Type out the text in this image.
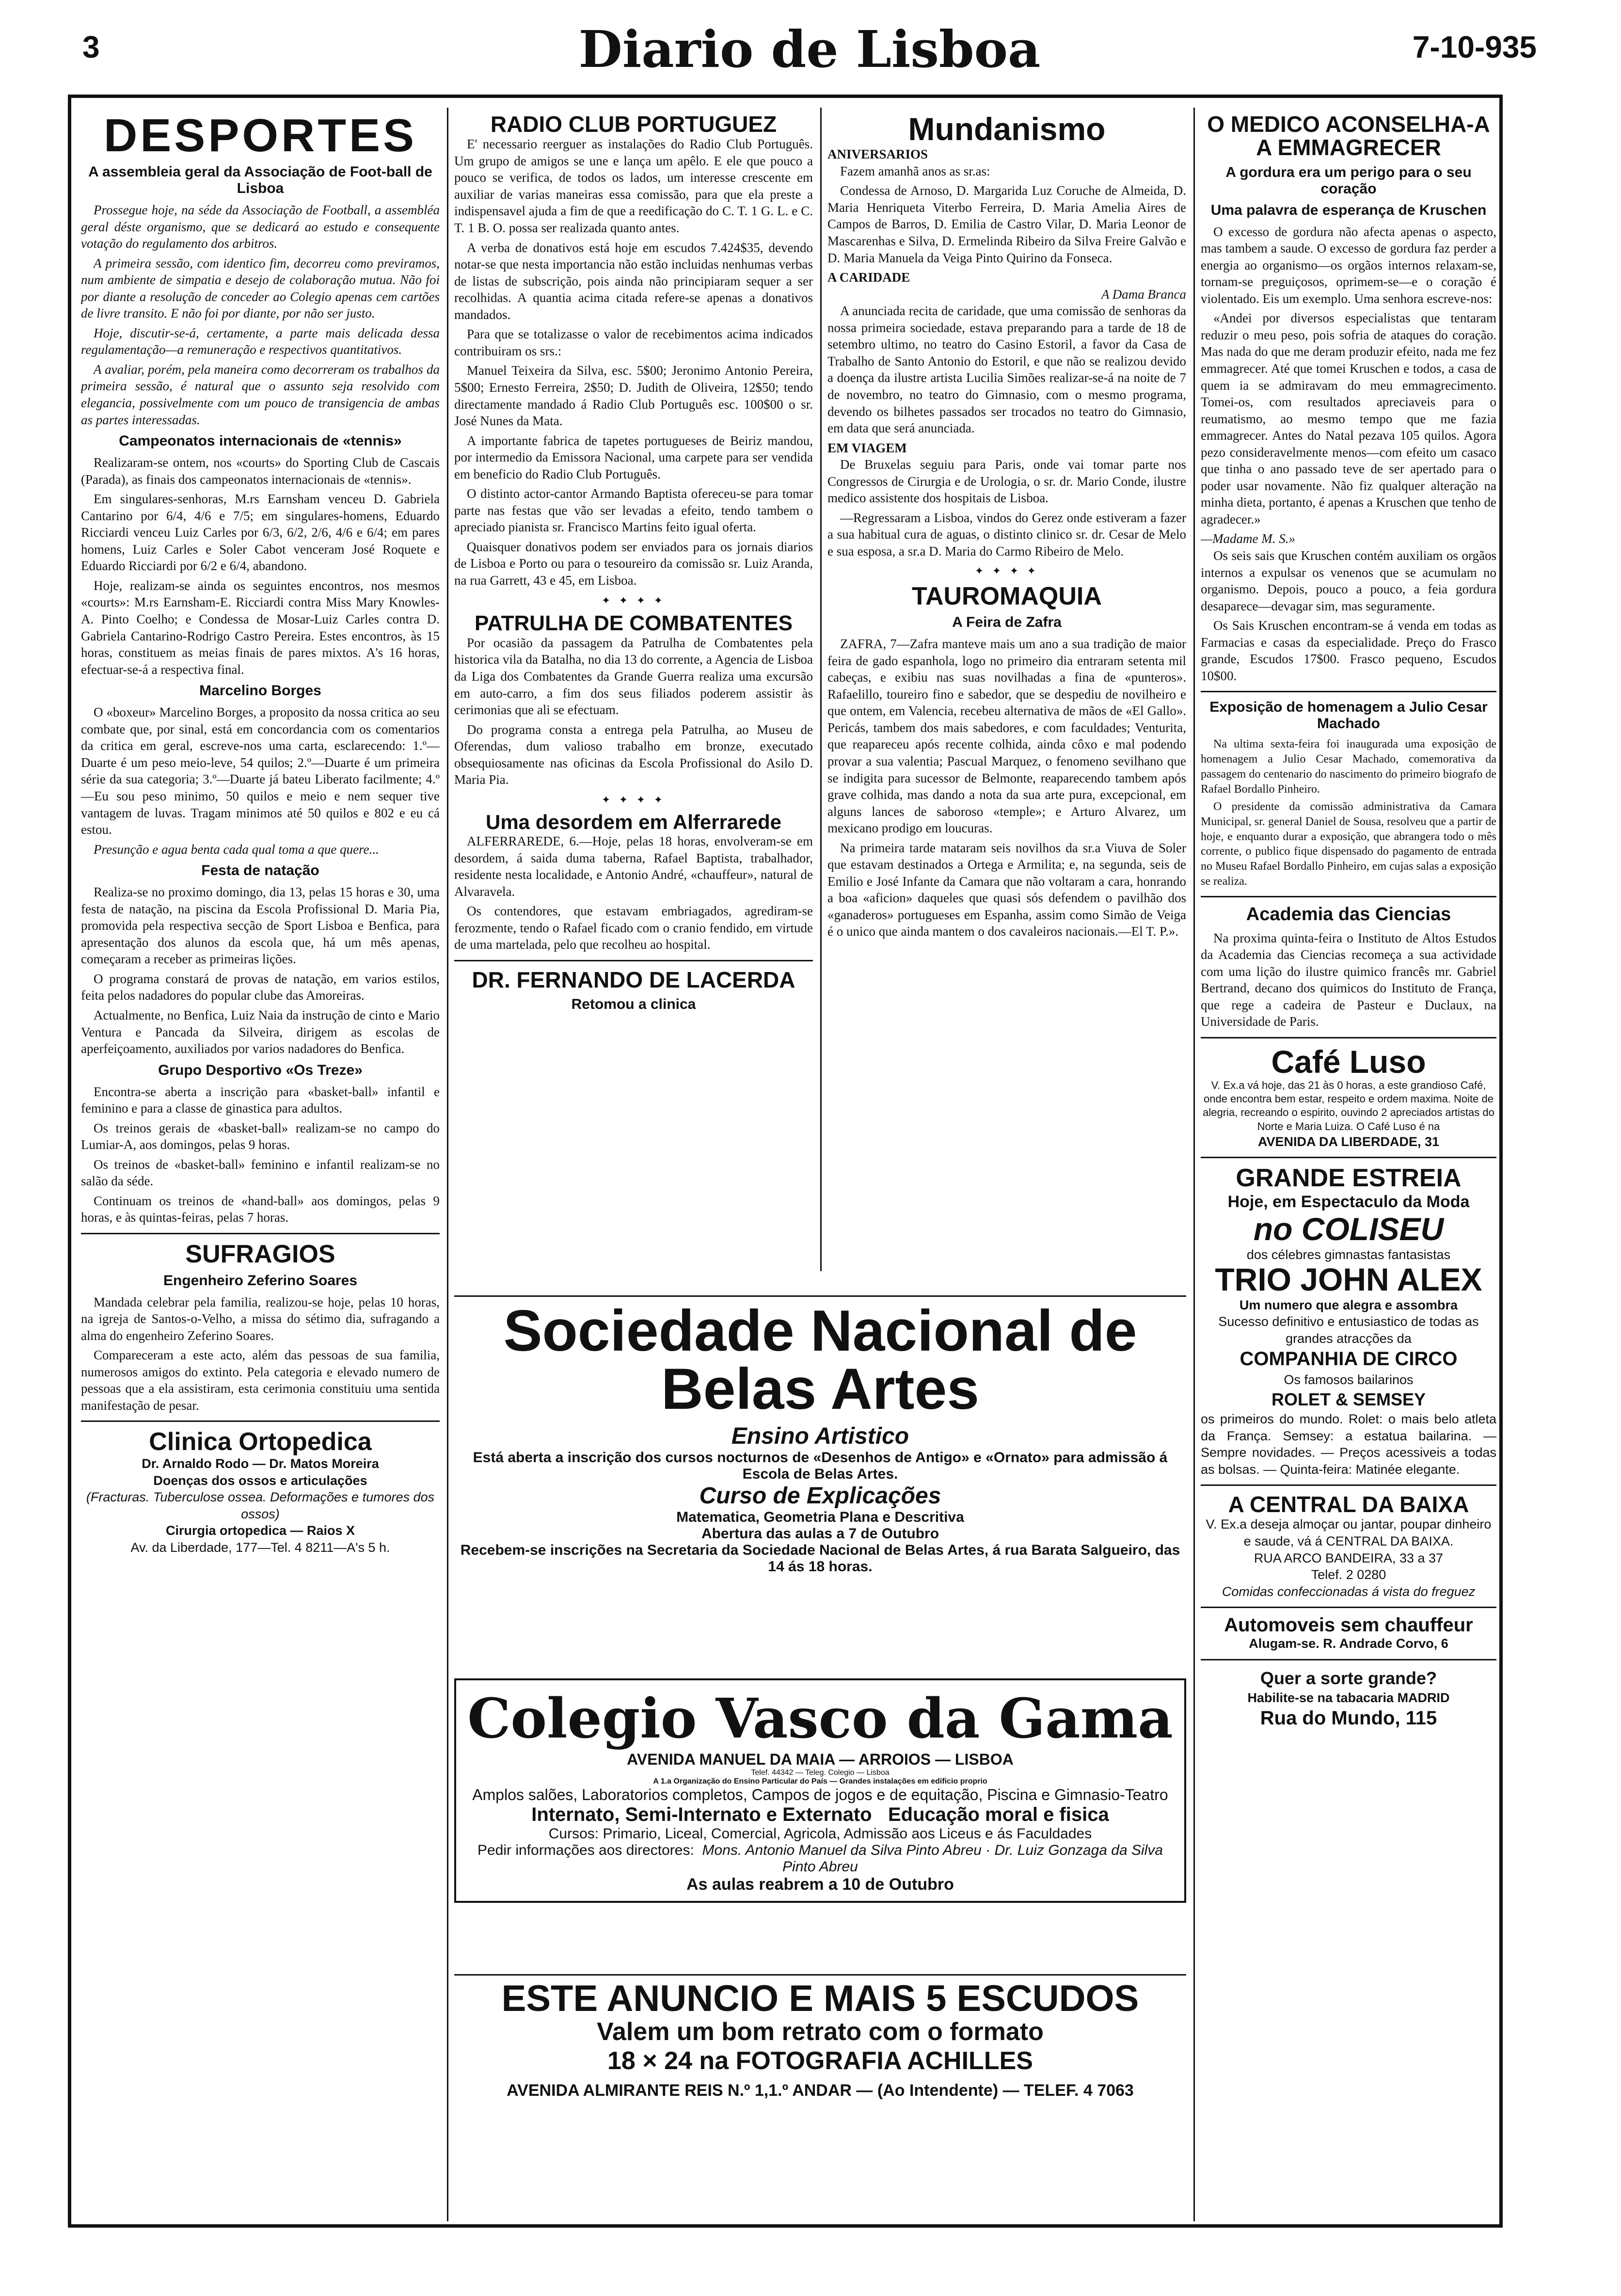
3	Diario de Lisboa	7-10-935
DESPORTES
A assembleia geral da Associação de Foot-ball de Lisboa

Prossegue hoje, na séde da Associação de Football, a assembléa geral déste organismo, que se dedicará ao estudo e consequente votação do regulamento dos arbitros.

A primeira sessão, com identico fim, decorreu como previramos, num ambiente de simpatia e desejo de colaboração mutua. Não foi por diante a resolução de conceder ao Colegio apenas cem cartões de livre transito. E não foi por diante, por não ser justo.

Hoje, discutir-se-á, certamente, a parte mais delicada dessa regulamentação—a remuneração e respectivos quantitativos.

A avaliar, porém, pela maneira como decorreram os trabalhos da primeira sessão, é natural que o assunto seja resolvido com elegancia, possivelmente com um pouco de transigencia de ambas as partes interessadas.

Campeonatos internacionais de «tennis»

Realizaram-se ontem, nos «courts» do Sporting Club de Cascais (Parada), as finais dos campeonatos internacionais de «tennis».

Em singulares-senhoras, M.rs Earnsham venceu D. Gabriela Cantarino por 6/4, 4/6 e 7/5; em singulares-homens, Eduardo Ricciardi venceu Luiz Carles por 6/3, 6/2, 2/6, 4/6 e 6/4; em pares homens, Luiz Carles e Soler Cabot venceram José Roquete e Eduardo Ricciardi por 6/2 e 6/4, abandono.

Hoje, realizam-se ainda os seguintes encontros, nos mesmos «courts»: M.rs Earnsham-E. Ricciardi contra Miss Mary Knowles-A. Pinto Coelho; e Condessa de Mosar-Luiz Carles contra D. Gabriela Cantarino-Rodrigo Castro Pereira. Estes encontros, às 15 horas, constituem as meias finais de pares mixtos. A's 16 horas, efectuar-se-á a respectiva final.

Marcelino Borges

O «boxeur» Marcelino Borges, a proposito da nossa critica ao seu combate que, por sinal, está em concordancia com os comentarios da critica em geral, escreve-nos uma carta, esclarecendo: 1.º—Duarte é um peso meio-leve, 54 quilos; 2.º—Duarte é um primeira série da sua categoria; 3.º—Duarte já bateu Liberato facilmente; 4.º—Eu sou peso minimo, 50 quilos e meio e nem sequer tive vantagem de luvas. Tragam minimos até 50 quilos e 802 e eu cá estou.

Presunção e agua benta cada qual toma a que quere...

Festa de natação

Realiza-se no proximo domingo, dia 13, pelas 15 horas e 30, uma festa de natação, na piscina da Escola Profissional D. Maria Pia, promovida pela respectiva secção de Sport Lisboa e Benfica, para apresentação dos alunos da escola que, há um mês apenas, começaram a receber as primeiras lições.

O programa constará de provas de natação, em varios estilos, feita pelos nadadores do popular clube das Amoreiras.

Actualmente, no Benfica, Luiz Naia da instrução de cinto e Mario Ventura e Pancada da Silveira, dirigem as escolas de aperfeiçoamento, auxiliados por varios nadadores do Benfica.

Grupo Desportivo «Os Treze»

Encontra-se aberta a inscrição para «basket-ball» infantil e feminino e para a classe de ginastica para adultos.

Os treinos gerais de «basket-ball» realizam-se no campo do Lumiar-A, aos domingos, pelas 9 horas.

Os treinos de «basket-ball» feminino e infantil realizam-se no salão da séde.

Continuam os treinos de «hand-ball» aos domingos, pelas 9 horas, e às quintas-feiras, pelas 7 horas.

SUFRAGIOS
Engenheiro Zeferino Soares

Mandada celebrar pela familia, realizou-se hoje, pelas 10 horas, na igreja de Santos-o-Velho, a missa do sétimo dia, sufragando a alma do engenheiro Zeferino Soares.

Compareceram a este acto, além das pessoas de sua familia, numerosos amigos do extinto. Pela categoria e elevado numero de pessoas que a ela assistiram, esta cerimonia constituiu uma sentida manifestação de pesar.

Clinica Ortopedica
Dr. Arnaldo Rodo — Dr. Matos Moreira
Doenças dos ossos e articulações
(Fracturas. Tuberculose ossea. Deformações e tumores dos ossos)
Cirurgia ortopedica — Raios X
Av. da Liberdade, 177—Tel. 4 8211—A's 5 h.
RADIO CLUB PORTUGUEZ

E' necessario reerguer as instalações do Radio Club Português. Um grupo de amigos se une e lança um apêlo. E ele que pouco a pouco se verifica, de todos os lados, um interesse crescente em auxiliar de varias maneiras essa comissão, para que ela preste a indispensavel ajuda a fim de que a reedificação do C. T. 1 G. L. e C. T. 1 B. O. possa ser realizada quanto antes.

A verba de donativos está hoje em escudos 7.424$35, devendo notar-se que nesta importancia não estão incluidas nenhumas verbas de listas de subscrição, pois ainda não principiaram sequer a ser recolhidas. A quantia acima citada refere-se apenas a donativos mandados.

Para que se totalizasse o valor de recebimentos acima indicados contribuiram os srs.:

Manuel Teixeira da Silva, esc. 5$00; Jeronimo Antonio Pereira, 5$00; Ernesto Ferreira, 2$50; D. Judith de Oliveira, 12$50; tendo directamente mandado á Radio Club Português esc. 100$00 o sr. José Nunes da Mata.

A importante fabrica de tapetes portugueses de Beiriz mandou, por intermedio da Emissora Nacional, uma carpete para ser vendida em beneficio do Radio Club Português.

O distinto actor-cantor Armando Baptista ofereceu-se para tomar parte nas festas que vão ser levadas a efeito, tendo tambem o apreciado pianista sr. Francisco Martins feito igual oferta.

Quaisquer donativos podem ser enviados para os jornais diarios de Lisboa e Porto ou para o tesoureiro da comissão sr. Luiz Aranda, na rua Garrett, 43 e 45, em Lisboa.

✦ ✦ ✦ ✦
PATRULHA DE COMBATENTES

Por ocasião da passagem da Patrulha de Combatentes pela historica vila da Batalha, no dia 13 do corrente, a Agencia de Lisboa da Liga dos Combatentes da Grande Guerra realiza uma excursão em auto-carro, a fim dos seus filiados poderem assistir às cerimonias que ali se efectuam.

Do programa consta a entrega pela Patrulha, ao Museu de Oferendas, dum valioso trabalho em bronze, executado obsequiosamente nas oficinas da Escola Profissional do Asilo D. Maria Pia.

✦ ✦ ✦ ✦
Uma desordem em Alferrarede

ALFERRAREDE, 6.—Hoje, pelas 18 horas, envolveram-se em desordem, á saida duma taberna, Rafael Baptista, trabalhador, residente nesta localidade, e Antonio André, «chauffeur», natural de Alvaravela.

Os contendores, que estavam embriagados, agrediram-se ferozmente, tendo o Rafael ficado com o cranio fendido, em virtude de uma martelada, pelo que recolheu ao hospital.

DR. FERNANDO DE LACERDA
Retomou a clinica
Mundanismo
ANIVERSARIOS

Fazem amanhã anos as sr.as:

Condessa de Arnoso, D. Margarida Luz Coruche de Almeida, D. Maria Henriqueta Viterbo Ferreira, D. Maria Amelia Aires de Campos de Barros, D. Emilia de Castro Vilar, D. Maria Leonor de Mascarenhas e Silva, D. Ermelinda Ribeiro da Silva Freire Galvão e D. Maria Manuela da Veiga Pinto Quirino da Fonseca.

A CARIDADE
A Dama Branca

A anunciada recita de caridade, que uma comissão de senhoras da nossa primeira sociedade, estava preparando para a tarde de 18 de setembro ultimo, no teatro do Casino Estoril, a favor da Casa de Trabalho de Santo Antonio do Estoril, e que não se realizou devido a doença da ilustre artista Lucilia Simões realizar-se-á na noite de 7 de novembro, no teatro do Gimnasio, com o mesmo programa, devendo os bilhetes passados ser trocados no teatro do Gimnasio, em data que será anunciada.

EM VIAGEM

De Bruxelas seguiu para Paris, onde vai tomar parte nos Congressos de Cirurgia e de Urologia, o sr. dr. Mario Conde, ilustre medico assistente dos hospitais de Lisboa.

—Regressaram a Lisboa, vindos do Gerez onde estiveram a fazer a sua habitual cura de aguas, o distinto clinico sr. dr. Cesar de Melo e sua esposa, a sr.a D. Maria do Carmo Ribeiro de Melo.

✦ ✦ ✦ ✦
TAUROMAQUIA
A Feira de Zafra

ZAFRA, 7—Zafra manteve mais um ano a sua tradição de maior feira de gado espanhola, logo no primeiro dia entraram setenta mil cabeças, e exibiu nas suas novilhadas a fina de «punteros». Rafaelillo, toureiro fino e sabedor, que se despediu de novilheiro e que ontem, em Valencia, recebeu alternativa de mãos de «El Gallo». Pericás, tambem dos mais sabedores, e com faculdades; Venturita, que reapareceu após recente colhida, ainda côxo e mal podendo provar a sua valentia; Pascual Marquez, o fenomeno sevilhano que se indigita para sucessor de Belmonte, reaparecendo tambem após grave colhida, mas dando a nota da sua arte pura, excepcional, em alguns lances de saboroso «temple»; e Arturo Alvarez, um mexicano prodigo em loucuras.

Na primeira tarde mataram seis novilhos da sr.a Viuva de Soler que estavam destinados a Ortega e Armilita; e, na segunda, seis de Emilio e José Infante da Camara que não voltaram a cara, honrando a boa «aficion» daqueles que quasi sós defendem o pavilhão dos «ganaderos» portugueses em Espanha, assim como Simão de Veiga é o unico que ainda mantem o dos cavaleiros nacionais.—El T. P.».

O MEDICO ACONSELHA-A A EMMAGRECER
A gordura era um perigo para o seu coração
Uma palavra de esperança de Kruschen

O excesso de gordura não afecta apenas o aspecto, mas tambem a saude. O excesso de gordura faz perder a energia ao organismo—os orgãos internos relaxam-se, tornam-se preguiçosos, oprimem-se—e o coração é violentado. Eis um exemplo. Uma senhora escreve-nos:

«Andei por diversos especialistas que tentaram reduzir o meu peso, pois sofria de ataques do coração. Mas nada do que me deram produzir efeito, nada me fez emmagrecer. Até que tomei Kruschen e todos, a casa de quem ia se admiravam do meu emmagrecimento. Tomei-os, com resultados apreciaveis para o reumatismo, ao mesmo tempo que me fazia emmagrecer. Antes do Natal pezava 105 quilos. Agora pezo consideravelmente menos—com efeito um casaco que tinha o ano passado teve de ser apertado para o poder usar novamente. Não fiz qualquer alteração na minha dieta, portanto, é apenas a Kruschen que tenho de agradecer.»

—Madame M. S.»

Os seis sais que Kruschen contém auxiliam os orgãos internos a expulsar os venenos que se acumulam no organismo. Depois, pouco a pouco, a feia gordura desaparece—devagar sim, mas seguramente.

Os Sais Kruschen encontram-se á venda em todas as Farmacias e casas da especialidade. Preço do Frasco grande, Escudos 17$00. Frasco pequeno, Escudos 10$00.

Exposição de homenagem a Julio Cesar Machado

Na ultima sexta-feira foi inaugurada uma exposição de homenagem a Julio Cesar Machado, comemorativa da passagem do centenario do nascimento do primeiro biografo de Rafael Bordallo Pinheiro.

O presidente da comissão administrativa da Camara Municipal, sr. general Daniel de Sousa, resolveu que a partir de hoje, e enquanto durar a exposição, que abrangera todo o mês corrente, o publico fique dispensado do pagamento de entrada no Museu Rafael Bordallo Pinheiro, em cujas salas a exposição se realiza.

Academia das Ciencias

Na proxima quinta-feira o Instituto de Altos Estudos da Academia das Ciencias recomeça a sua actividade com uma lição do ilustre quimico francês mr. Gabriel Bertrand, decano dos quimicos do Instituto de França, que rege a cadeira de Pasteur e Duclaux, na Universidade de Paris.

Café Luso
V. Ex.a vá hoje, das 21 às 0 horas, a este grandioso Café, onde encontra bem estar, respeito e ordem maxima. Noite de alegria, recreando o espirito, ouvindo 2 apreciados artistas do Norte e Maria Luiza. O Café Luso é na
AVENIDA DA LIBERDADE, 31
GRANDE ESTREIA
Hoje, em Espectaculo da Moda
no COLISEU
dos célebres gimnastas fantasistas
TRIO JOHN ALEX
Um numero que alegra e assombra
Sucesso definitivo e entusiastico de todas as grandes atracções da
COMPANHIA DE CIRCO
Os famosos bailarinos
ROLET & SEMSEY
os primeiros do mundo. Rolet: o mais belo atleta da França. Semsey: a estatua bailarina. — Sempre novidades. — Preços acessiveis a todas as bolsas. — Quinta-feira: Matinée elegante.
A CENTRAL DA BAIXA
V. Ex.a deseja almoçar ou jantar, poupar dinheiro e saude, vá á CENTRAL DA BAIXA.
RUA ARCO BANDEIRA, 33 a 37
Telef. 2 0280
Comidas confeccionadas á vista do freguez
Automoveis sem chauffeur
Alugam-se. R. Andrade Corvo, 6
Quer a sorte grande?
Habilite-se na tabacaria MADRID
Rua do Mundo, 115
Sociedade Nacional de Belas Artes
Ensino Artistico
Está aberta a inscrição dos cursos nocturnos de «Desenhos de Antigo» e «Ornato» para admissão á Escola de Belas Artes.
Curso de Explicações
Matematica, Geometria Plana e Descritiva
Abertura das aulas a 7 de Outubro
Recebem-se inscrições na Secretaria da Sociedade Nacional de Belas Artes, á rua Barata Salgueiro, das 14 ás 18 horas.
Colegio Vasco da Gama
AVENIDA MANUEL DA MAIA — ARROIOS — LISBOA
Telef. 44342 — Teleg. Colegio — Lisboa
A 1.a Organização do Ensino Particular do País — Grandes instalações em edificio proprio
Amplos salões, Laboratorios completos, Campos de jogos e de equitação, Piscina e Gimnasio-Teatro
Internato, Semi-Internato e Externato Educação moral e fisica
Cursos: Primario, Liceal, Comercial, Agricola, Admissão aos Liceus e ás Faculdades
Pedir informações aos directores: Mons. Antonio Manuel da Silva Pinto Abreu · Dr. Luiz Gonzaga da Silva Pinto Abreu
As aulas reabrem a 10 de Outubro
ESTE ANUNCIO E MAIS 5 ESCUDOS
Valem um bom retrato com o formato
18 × 24 na FOTOGRAFIA ACHILLES
AVENIDA ALMIRANTE REIS N.º 1,1.º ANDAR — (Ao Intendente) — TELEF. 4 7063
